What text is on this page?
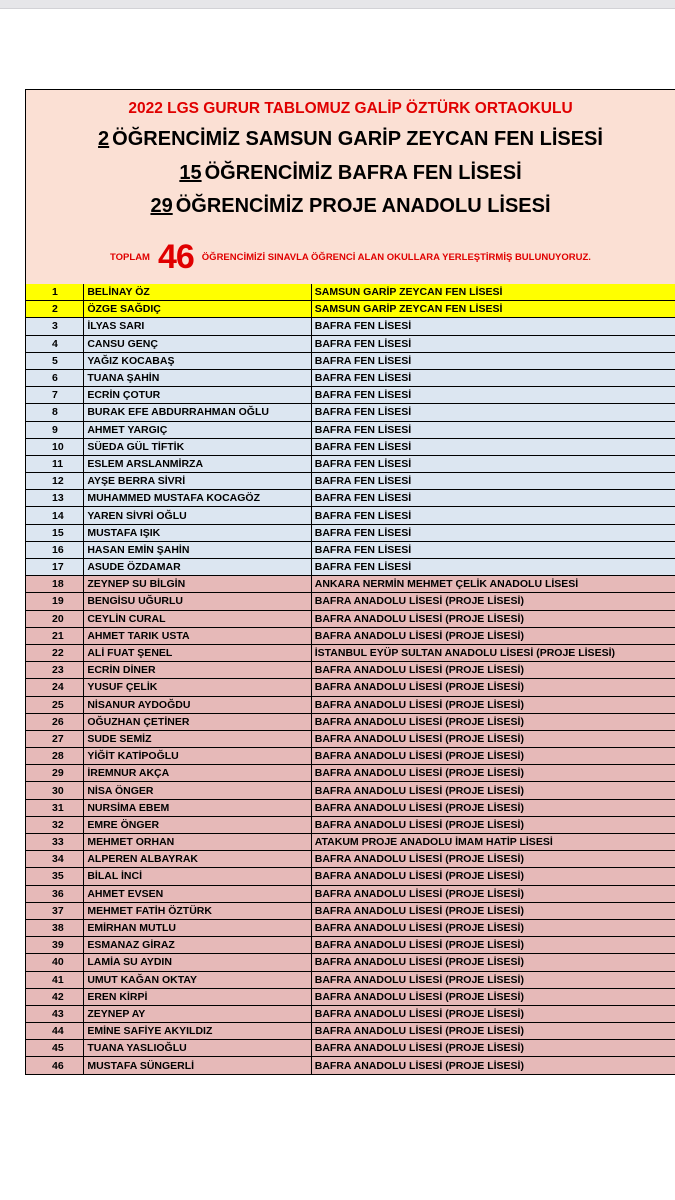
2022 LGS GURUR TABLOMUZ GALİP ÖZTÜRK ORTAOKULU
2 ÖĞRENCİMİZ SAMSUN GARİP ZEYCAN FEN LİSESİ
15 ÖĞRENCİMİZ BAFRA FEN LİSESİ
29 ÖĞRENCİMİZ PROJE ANADOLU LİSESİ
TOPLAM 46 ÖĞRENCİMİZİ SINAVLA ÖĞRENCİ ALAN OKULLARA YERLEŞTİRMİŞ BULUNUYORUZ.
1	BELİNAY ÖZ	SAMSUN GARİP ZEYCAN FEN LİSESİ
2	ÖZGE SAĞDIÇ	SAMSUN GARİP ZEYCAN FEN LİSESİ
3	İLYAS SARI	BAFRA FEN LİSESİ
4	CANSU GENÇ	BAFRA FEN LİSESİ
5	YAĞIZ KOCABAŞ	BAFRA FEN LİSESİ
6	TUANA ŞAHİN	BAFRA FEN LİSESİ
7	ECRİN ÇOTUR	BAFRA FEN LİSESİ
8	BURAK EFE ABDURRAHMAN OĞLU	BAFRA FEN LİSESİ
9	AHMET YARGIÇ	BAFRA FEN LİSESİ
10	SÜEDA GÜL TİFTİK	BAFRA FEN LİSESİ
11	ESLEM ARSLANMİRZA	BAFRA FEN LİSESİ
12	AYŞE BERRA SİVRİ	BAFRA FEN LİSESİ
13	MUHAMMED MUSTAFA KOCAGÖZ	BAFRA FEN LİSESİ
14	YAREN SİVRİ OĞLU	BAFRA FEN LİSESİ
15	MUSTAFA IŞIK	BAFRA FEN LİSESİ
16	HASAN EMİN ŞAHİN	BAFRA FEN LİSESİ
17	ASUDE ÖZDAMAR	BAFRA FEN LİSESİ
18	ZEYNEP SU BİLGİN	ANKARA NERMİN MEHMET ÇELİK ANADOLU LİSESİ
19	BENGİSU UĞURLU	BAFRA ANADOLU LİSESİ (PROJE LİSESİ)
20	CEYLİN CURAL	BAFRA ANADOLU LİSESİ (PROJE LİSESİ)
21	AHMET TARIK USTA	BAFRA ANADOLU LİSESİ (PROJE LİSESİ)
22	ALİ FUAT ŞENEL	İSTANBUL EYÜP SULTAN ANADOLU LİSESİ (PROJE LİSESİ)
23	ECRİN DİNER	BAFRA ANADOLU LİSESİ (PROJE LİSESİ)
24	YUSUF ÇELİK	BAFRA ANADOLU LİSESİ (PROJE LİSESİ)
25	NİSANUR AYDOĞDU	BAFRA ANADOLU LİSESİ (PROJE LİSESİ)
26	OĞUZHAN ÇETİNER	BAFRA ANADOLU LİSESİ (PROJE LİSESİ)
27	SUDE SEMİZ	BAFRA ANADOLU LİSESİ (PROJE LİSESİ)
28	YİĞİT KATİPOĞLU	BAFRA ANADOLU LİSESİ (PROJE LİSESİ)
29	İREMNUR AKÇA	BAFRA ANADOLU LİSESİ (PROJE LİSESİ)
30	NİSA ÖNGER	BAFRA ANADOLU LİSESİ (PROJE LİSESİ)
31	NURSİMA EBEM	BAFRA ANADOLU LİSESİ (PROJE LİSESİ)
32	EMRE ÖNGER	BAFRA ANADOLU LİSESİ (PROJE LİSESİ)
33	MEHMET ORHAN	ATAKUM PROJE ANADOLU İMAM HATİP LİSESİ
34	ALPEREN ALBAYRAK	BAFRA ANADOLU LİSESİ (PROJE LİSESİ)
35	BİLAL İNCİ	BAFRA ANADOLU LİSESİ (PROJE LİSESİ)
36	AHMET EVSEN	BAFRA ANADOLU LİSESİ (PROJE LİSESİ)
37	MEHMET FATİH ÖZTÜRK	BAFRA ANADOLU LİSESİ (PROJE LİSESİ)
38	EMİRHAN MUTLU	BAFRA ANADOLU LİSESİ (PROJE LİSESİ)
39	ESMANAZ GİRAZ	BAFRA ANADOLU LİSESİ (PROJE LİSESİ)
40	LAMİA SU AYDIN	BAFRA ANADOLU LİSESİ (PROJE LİSESİ)
41	UMUT KAĞAN OKTAY	BAFRA ANADOLU LİSESİ (PROJE LİSESİ)
42	EREN KİRPİ	BAFRA ANADOLU LİSESİ (PROJE LİSESİ)
43	ZEYNEP AY	BAFRA ANADOLU LİSESİ (PROJE LİSESİ)
44	EMİNE SAFİYE AKYILDIZ	BAFRA ANADOLU LİSESİ (PROJE LİSESİ)
45	TUANA YASLIOĞLU	BAFRA ANADOLU LİSESİ (PROJE LİSESİ)
46	MUSTAFA SÜNGERLİ	BAFRA ANADOLU LİSESİ (PROJE LİSESİ)
